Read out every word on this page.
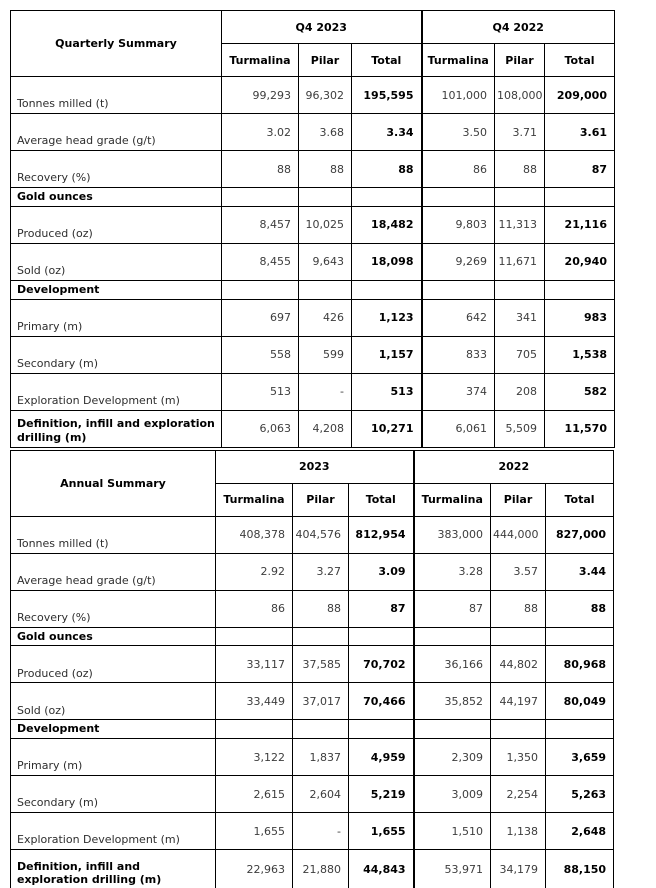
Quarterly Summary	Q4 2023			Q4 2022		
	Turmalina	Pilar	Total	Turmalina	Pilar	Total
Tonnes milled (t)	99,293	96,302	195,595	101,000	108,000	209,000
Average head grade (g/t)	3.02	3.68	3.34	3.50	3.71	3.61
Recovery (%)	88	88	88	86	88	87
Gold ounces						
Produced (oz)	8,457	10,025	18,482	9,803	11,313	21,116
Sold (oz)	8,455	9,643	18,098	9,269	11,671	20,940
Development						
Primary (m)	697	426	1,123	642	341	983
Secondary (m)	558	599	1,157	833	705	1,538
Exploration Development (m)	513	-	513	374	208	582
Definition, infill and exploration drilling (m)	6,063	4,208	10,271	6,061	5,509	11,570
Annual Summary	2023			2022		
	Turmalina	Pilar	Total	Turmalina	Pilar	Total
Tonnes milled (t)	408,378	404,576	812,954	383,000	444,000	827,000
Average head grade (g/t)	2.92	3.27	3.09	3.28	3.57	3.44
Recovery (%)	86	88	87	87	88	88
Gold ounces						
Produced (oz)	33,117	37,585	70,702	36,166	44,802	80,968
Sold (oz)	33,449	37,017	70,466	35,852	44,197	80,049
Development						
Primary (m)	3,122	1,837	4,959	2,309	1,350	3,659
Secondary (m)	2,615	2,604	5,219	3,009	2,254	5,263
Exploration Development (m)	1,655	-	1,655	1,510	1,138	2,648
Definition, infill and exploration drilling (m)	22,963	21,880	44,843	53,971	34,179	88,150
